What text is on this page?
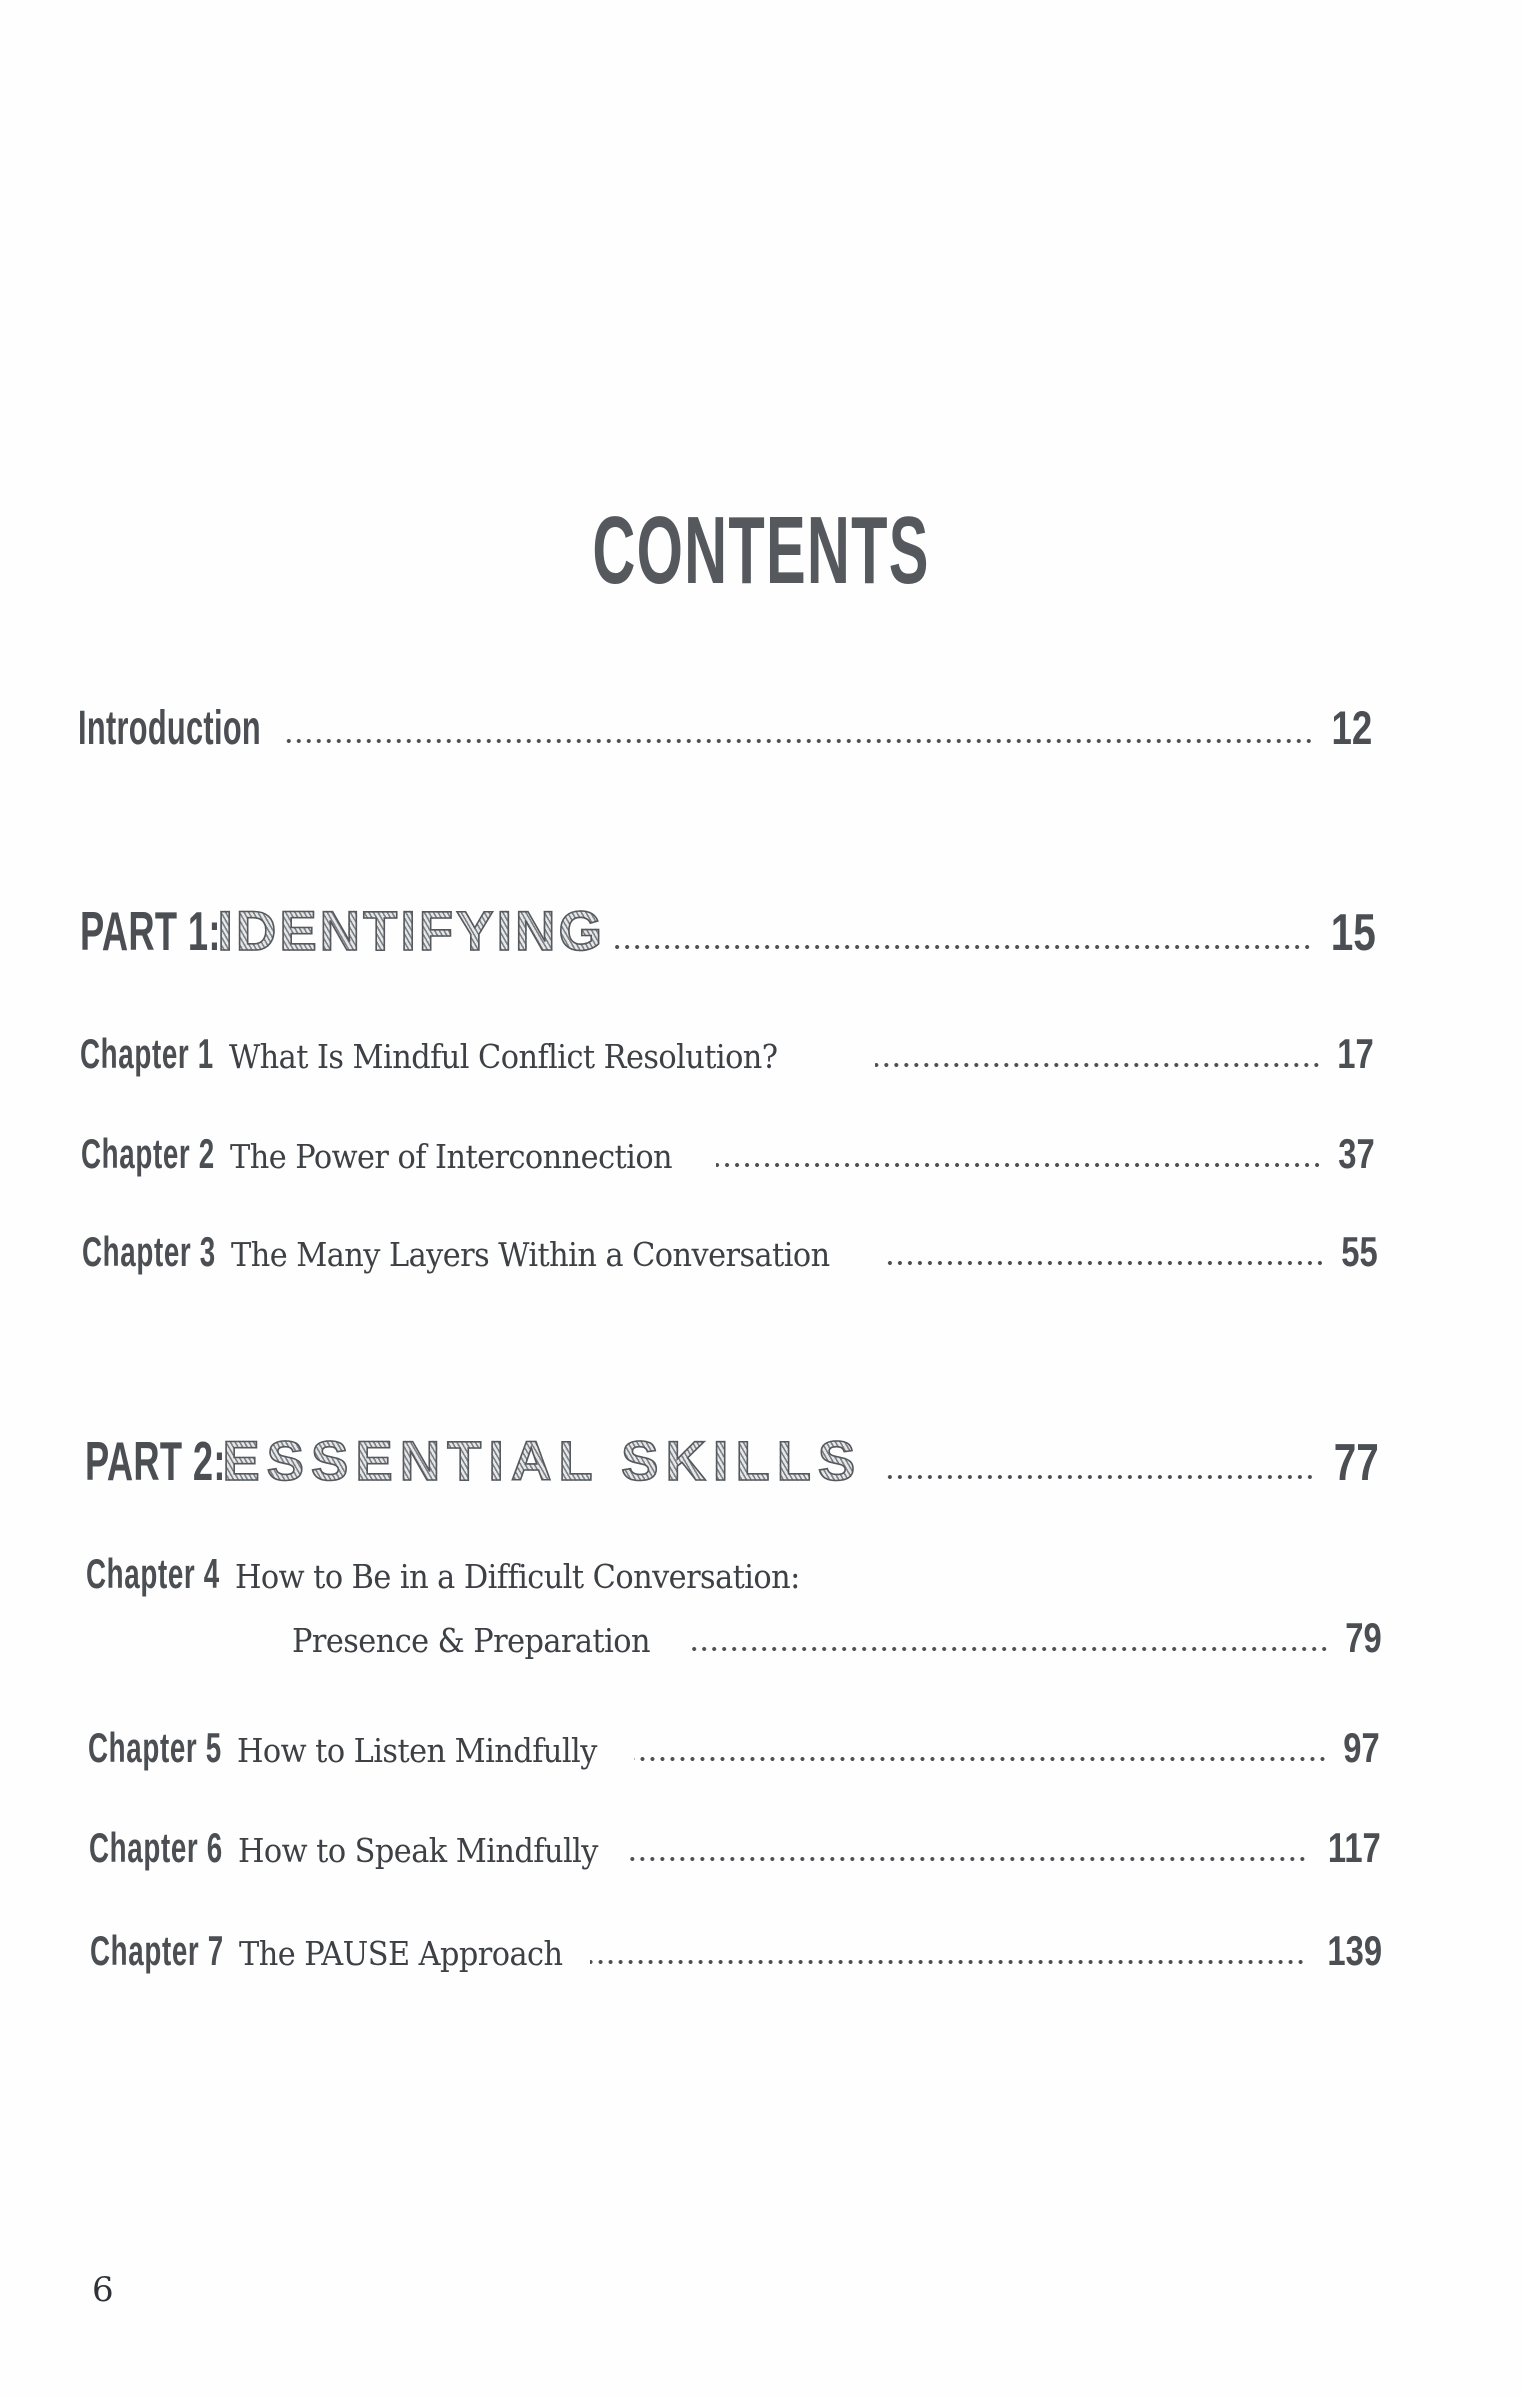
CONTENTS
Introduction	12
PART 1:
IDENTIFYING	15
Chapter 1 What Is Mindful Conflict Resolution?	17
Chapter 2 The Power of Interconnection	37
Chapter 3 The Many Layers Within a Conversation	55
PART 2:
ESSENTIAL SKILLS	77
Chapter 4 How to Be in a Difficult Conversation:
Presence & Preparation	79
Chapter 5 How to Listen Mindfully	97
Chapter 6 How to Speak Mindfully	117
Chapter 7 The PAUSE Approach	139
6
